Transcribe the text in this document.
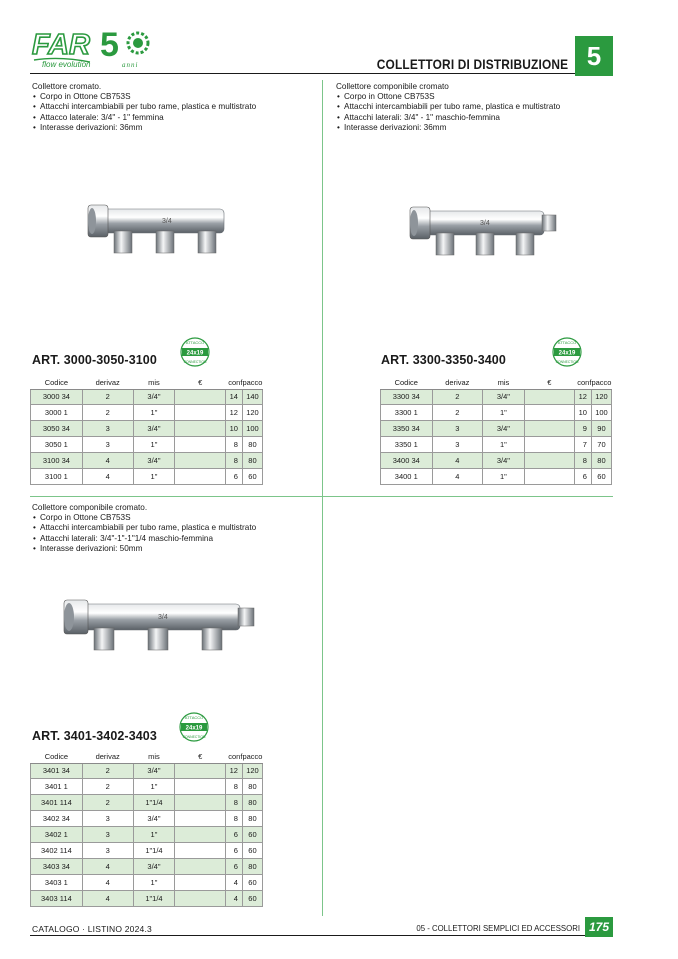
FAR 5
flow evolution	anni	COLLETTORI DI DISTRIBUZIONE 5
Collettore cromato.
• Corpo in Ottone CB753S
• Attacchi intercambiabili per tubo rame, plastica e multistrato
• Attacco laterale: 3/4" - 1" femmina
• Interasse derivazioni: 36mm
3/4
ART. 3000-3050-3100	24x19
ATTACCO
CONNECTION
Codice	derivaz	mis	€	conf	pacco
3000 34	2	3/4"		14	140
3000 1	2	1"		12	120
3050 34	3	3/4"		10	100
3050 1	3	1"		8	80
3100 34	4	3/4"		8	80
3100 1	4	1"		6	60
Collettore componibile cromato
• Corpo in Ottone CB753S
• Attacchi intercambiabili per tubo rame, plastica e multistrato
• Attacchi laterali: 3/4" - 1" maschio-femmina
• Interasse derivazioni: 36mm
3/4
ART. 3300-3350-3400	24x19
ATTACCO
CONNECTION
Codice	derivaz	mis	€	conf	pacco
3300 34	2	3/4"		12	120
3300 1	2	1"		10	100
3350 34	3	3/4"		9	90
3350 1	3	1"		7	70
3400 34	4	3/4"		8	80
3400 1	4	1"		6	60
Collettore componibile cromato.
• Corpo in Ottone CB753S
• Attacchi intercambiabili per tubo rame, plastica e multistrato
• Attacchi laterali: 3/4"-1"-1"1/4 maschio-femmina
• Interasse derivazioni: 50mm
3/4
ART. 3401-3402-3403
24x19
ATTACCO
CONNECTION
Codice	derivaz	mis	€	conf	pacco
3401 34	2	3/4"		12	120
3401 1	2	1"		8	80
3401 114	2	1"1/4		8	80
3402 34	3	3/4"		8	80
3402 1	3	1"		6	60
3402 114	3	1"1/4		6	60
3403 34	4	3/4"		6	80
3403 1	4	1"		4	60
3403 114	4	1"1/4		4	60
CATALOGO · LISTINO 2024.3	05 - COLLETTORI SEMPLICI ED ACCESSORI 175
